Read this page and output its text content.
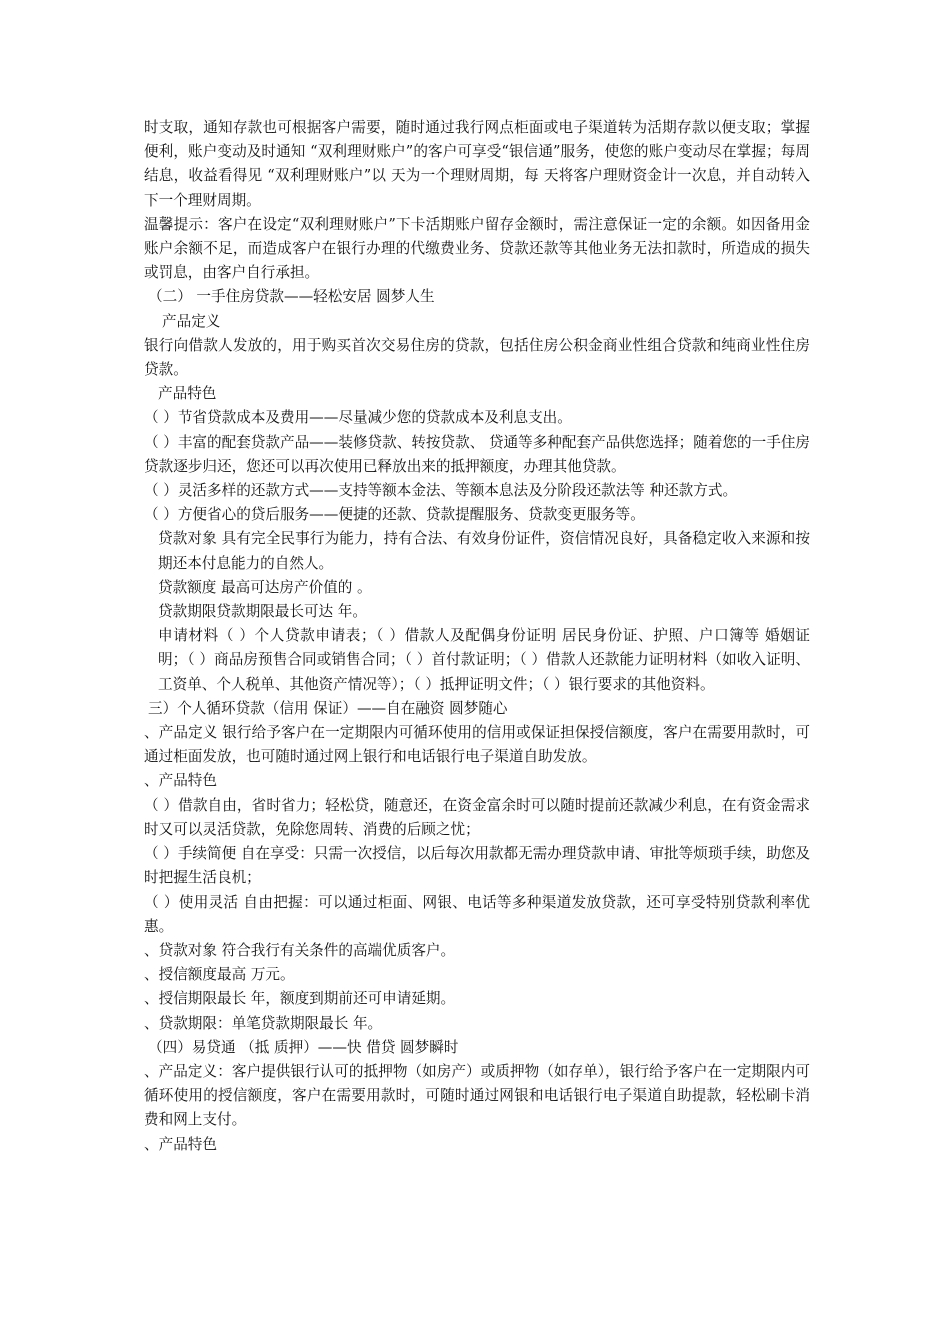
时支取，通知存款也可根据客户需要，随时通过我行网点柜面或电子渠道转为活期存款以便支取；掌握便利，账户变动及时通知 “双利理财账户”的客户可享受“银信通”服务，使您的账户变动尽在掌握；每周结息，收益看得见 “双利理财账户”以 天为一个理财周期，每 天将客户理财资金计一次息，并自动转入下一个理财周期。

温馨提示：客户在设定“双利理财账户”下卡活期账户留存金额时，需注意保证一定的余额。如因备用金账户余额不足，而造成客户在银行办理的代缴费业务、贷款还款等其他业务无法扣款时，所造成的损失或罚息，由客户自行承担。

（二） 一手住房贷款——轻松安居 圆梦人生

产品定义

银行向借款人发放的，用于购买首次交易住房的贷款，包括住房公积金商业性组合贷款和纯商业性住房贷款。

产品特色

（ ）节省贷款成本及费用——尽量减少您的贷款成本及利息支出。

（ ）丰富的配套贷款产品——装修贷款、转按贷款、 贷通等多种配套产品供您选择；随着您的一手住房贷款逐步归还，您还可以再次使用已释放出来的抵押额度，办理其他贷款。

（ ）灵活多样的还款方式——支持等额本金法、等额本息法及分阶段还款法等 种还款方式。

（ ）方便省心的贷后服务——便捷的还款、贷款提醒服务、贷款变更服务等。

贷款对象 具有完全民事行为能力，持有合法、有效身份证件，资信情况良好，具备稳定收入来源和按期还本付息能力的自然人。

贷款额度 最高可达房产价值的 。

贷款期限贷款期限最长可达 年。

申请材料（ ）个人贷款申请表；（ ）借款人及配偶身份证明 居民身份证、护照、户口簿等 婚姻证明；（ ）商品房预售合同或销售合同；（ ）首付款证明；（ ）借款人还款能力证明材料（如收入证明、工资单、个人税单、其他资产情况等）；（ ）抵押证明文件；（ ）银行要求的其他资料。

三）个人循环贷款（信用 保证）——自在融资 圆梦随心

、产品定义 银行给予客户在一定期限内可循环使用的信用或保证担保授信额度，客户在需要用款时，可通过柜面发放，也可随时通过网上银行和电话银行电子渠道自助发放。

、产品特色

（ ）借款自由，省时省力；轻松贷，随意还，在资金富余时可以随时提前还款减少利息，在有资金需求时又可以灵活贷款，免除您周转、消费的后顾之忧；

（ ）手续简便 自在享受：只需一次授信，以后每次用款都无需办理贷款申请、审批等烦琐手续，助您及时把握生活良机；

（ ）使用灵活 自由把握：可以通过柜面、网银、电话等多种渠道发放贷款，还可享受特别贷款利率优惠。

、贷款对象 符合我行有关条件的高端优质客户。

、授信额度最高 万元。

、授信期限最长 年，额度到期前还可申请延期。

、贷款期限：单笔贷款期限最长 年。

（四）易贷通 （抵 质押）——快 借贷 圆梦瞬时

、产品定义：客户提供银行认可的抵押物（如房产）或质押物（如存单），银行给予客户在一定期限内可循环使用的授信额度，客户在需要用款时，可随时通过网银和电话银行电子渠道自助提款，轻松刷卡消费和网上支付。

、产品特色
